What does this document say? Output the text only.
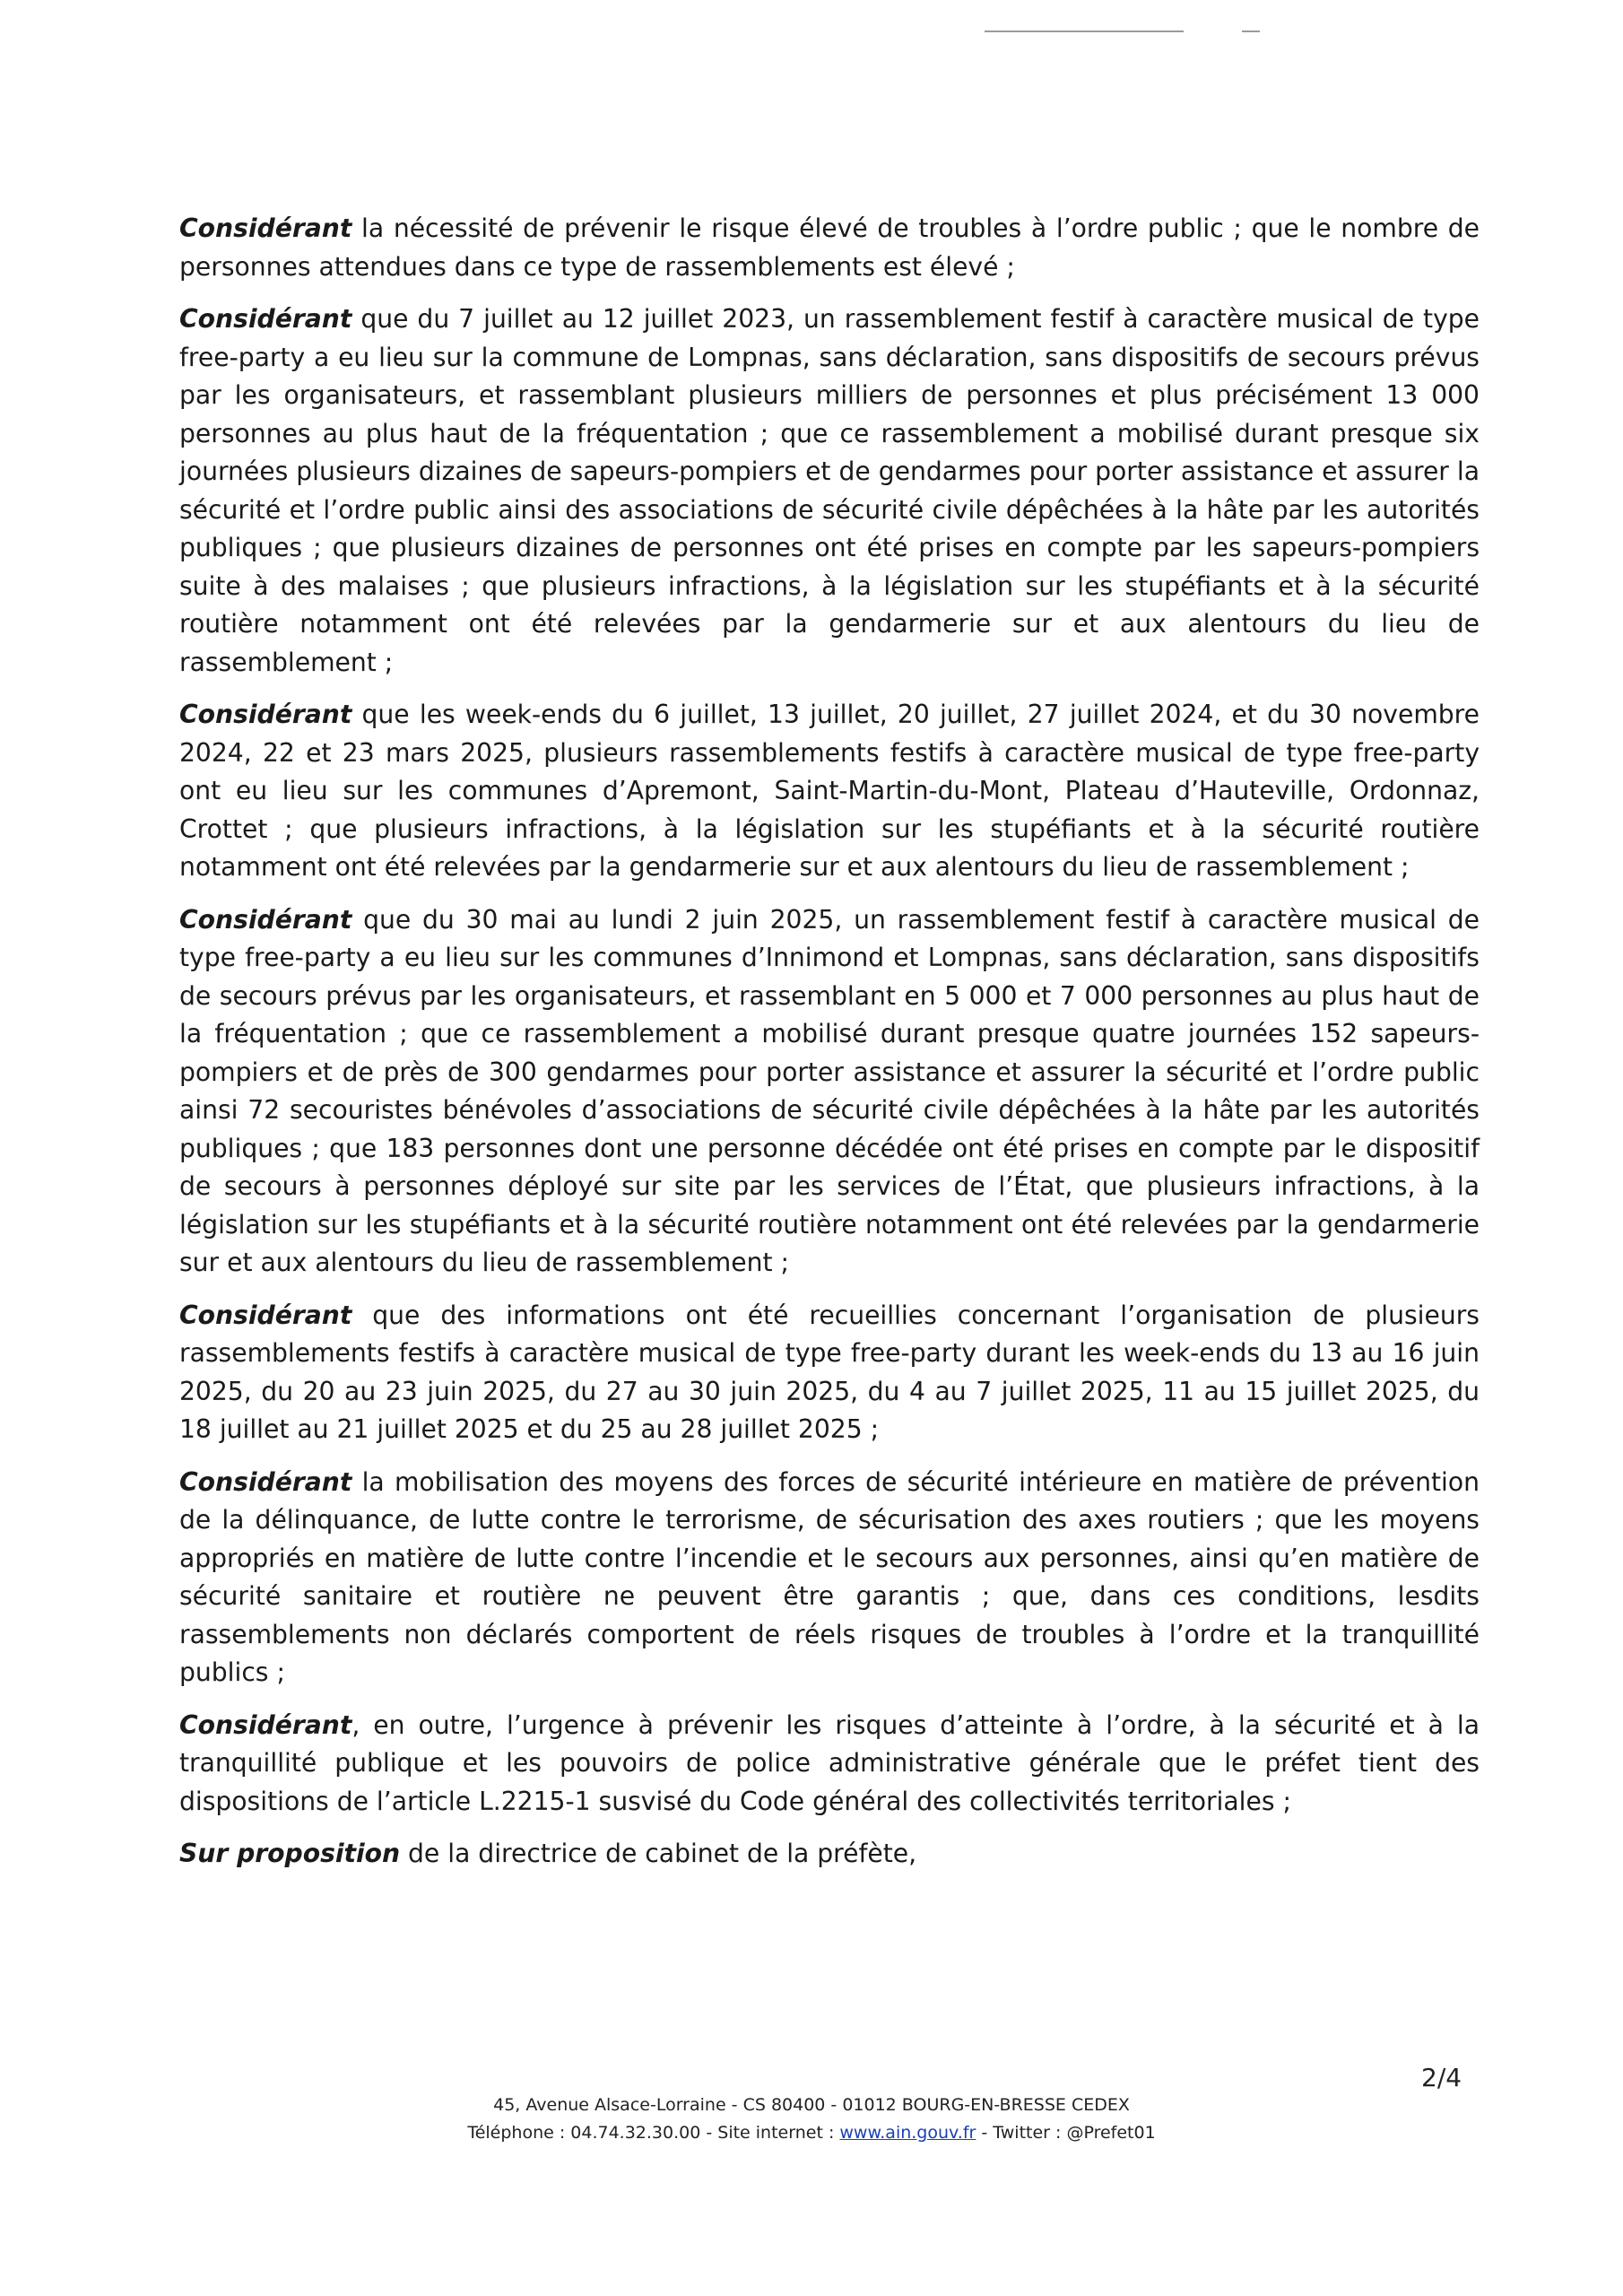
Considérant la nécessité de prévenir le risque élevé de troubles à l’ordre public ; que le nombre de personnes attendues dans ce type de rassemblements est élevé ;

Considérant que du 7 juillet au 12 juillet 2023, un rassemblement festif à caractère musical de type free-party a eu lieu sur la commune de Lompnas, sans déclaration, sans dispositifs de secours prévus par les organisateurs, et rassemblant plusieurs milliers de personnes et plus précisément 13 000 personnes au plus haut de la fréquentation ; que ce rassemblement a mobilisé durant presque six journées plusieurs dizaines de sapeurs-pompiers et de gendarmes pour porter assistance et assurer la sécurité et l’ordre public ainsi des associations de sécurité civile dépêchées à la hâte par les autorités publiques ; que plusieurs dizaines de personnes ont été prises en compte par les sapeurs-pompiers suite à des malaises ; que plusieurs infractions, à la législation sur les stupéfiants et à la sécurité routière notamment ont été relevées par la gendarmerie sur et aux alentours du lieu de rassemblement ;

Considérant que les week-ends du 6 juillet, 13 juillet, 20 juillet, 27 juillet 2024, et du 30 novembre 2024, 22 et 23 mars 2025, plusieurs rassemblements festifs à caractère musical de type free-party ont eu lieu sur les communes d’Apremont, Saint-Martin-du-Mont, Plateau d’Hauteville, Ordonnaz, Crottet ; que plusieurs infractions, à la législation sur les stupéfiants et à la sécurité routière notamment ont été relevées par la gendarmerie sur et aux alentours du lieu de rassemblement ;

Considérant que du 30 mai au lundi 2 juin 2025, un rassemblement festif à caractère musical de type free-party a eu lieu sur les communes d’Innimond et Lompnas, sans déclaration, sans dispositifs de secours prévus par les organisateurs, et rassemblant en 5 000 et 7 000 personnes au plus haut de la fréquentation ; que ce rassemblement a mobilisé durant presque quatre journées 152 sapeurs-pompiers et de près de 300 gendarmes pour porter assistance et assurer la sécurité et l’ordre public ainsi 72 secouristes bénévoles d’associations de sécurité civile dépêchées à la hâte par les autorités publiques ; que 183 personnes dont une personne décédée ont été prises en compte par le dispositif de secours à personnes déployé sur site par les services de l’État, que plusieurs infractions, à la législation sur les stupéfiants et à la sécurité routière notamment ont été relevées par la gendarmerie sur et aux alentours du lieu de rassemblement ;

Considérant que des informations ont été recueillies concernant l’organisation de plusieurs rassemblements festifs à caractère musical de type free-party durant les week-ends du 13 au 16 juin 2025, du 20 au 23 juin 2025, du 27 au 30 juin 2025, du 4 au 7 juillet 2025, 11 au 15 juillet 2025, du 18 juillet au 21 juillet 2025 et du 25 au 28 juillet 2025 ;

Considérant la mobilisation des moyens des forces de sécurité intérieure en matière de prévention de la délinquance, de lutte contre le terrorisme, de sécurisation des axes routiers ; que les moyens appropriés en matière de lutte contre l’incendie et le secours aux personnes, ainsi qu’en matière de sécurité sanitaire et routière ne peuvent être garantis ; que, dans ces conditions, lesdits rassemblements non déclarés comportent de réels risques de troubles à l’ordre et la tranquillité publics ;

Considérant, en outre, l’urgence à prévenir les risques d’atteinte à l’ordre, à la sécurité et à la tranquillité publique et les pouvoirs de police administrative générale que le préfet tient des dispositions de l’article L.2215-1 susvisé du Code général des collectivités territoriales ;

Sur proposition de la directrice de cabinet de la préfète,

2/4
45, Avenue Alsace-Lorraine - CS 80400 - 01012 BOURG-EN-BRESSE CEDEX
Téléphone : 04.74.32.30.00 - Site internet : www.ain.gouv.fr - Twitter : @Prefet01
